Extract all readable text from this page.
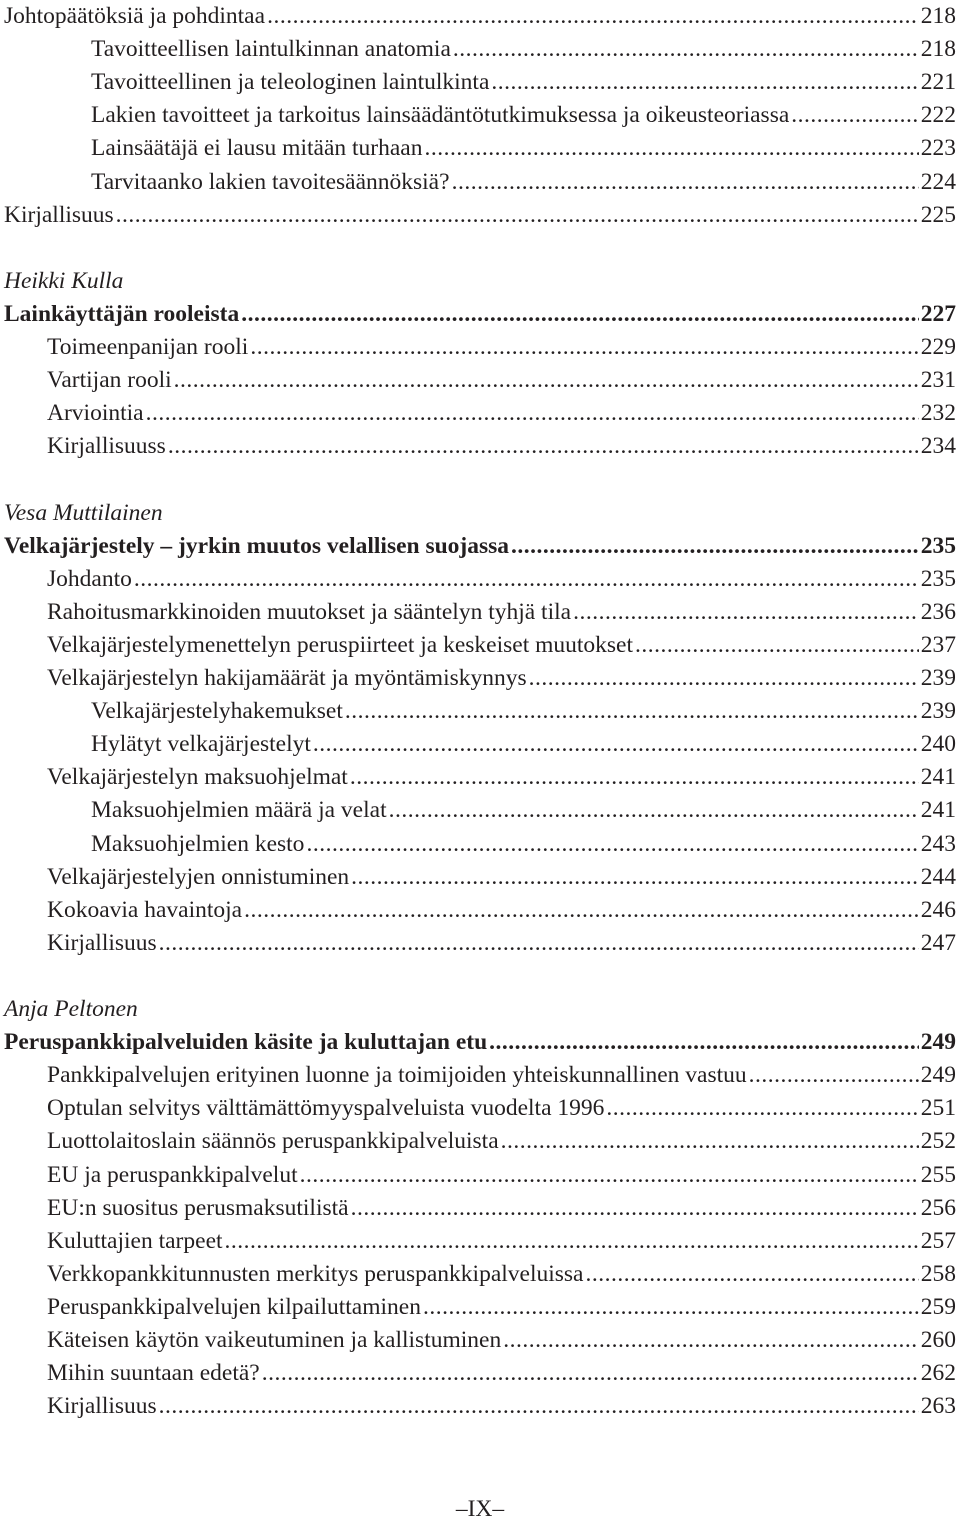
Johtopäätöksiä ja pohdintaa .....	218
Tavoitteellisen laintulkinnan anatomia .....	218
Tavoitteellinen ja teleologinen laintulkinta .....	221
Lakien tavoitteet ja tarkoitus lainsäädäntötutkimuksessa ja oikeusteoriassa .....	222
Lainsäätäjä ei lausu mitään turhaan .....	223
Tarvitaanko lakien tavoitesäännöksiä? .....	224
Kirjallisuus .....	225
Heikki Kulla
Lainkäyttäjän rooleista .....	227
Toimeenpanijan rooli .....	229
Vartijan rooli .....	231
Arviointia .....	232
Kirjallisuuss .....	234
Vesa Muttilainen
Velkajärjestely – jyrkin muutos velallisen suojassa .....	235
Johdanto .....	235
Rahoitusmarkkinoiden muutokset ja sääntelyn tyhjä tila .....	236
Velkajärjestelymenettelyn peruspiirteet ja keskeiset muutokset .....	237
Velkajärjestelyn hakijamäärät ja myöntämiskynnys .....	239
Velkajärjestelyhakemukset .....	239
Hylätyt velkajärjestelyt .....	240
Velkajärjestelyn maksuohjelmat .....	241
Maksuohjelmien määrä ja velat .....	241
Maksuohjelmien kesto .....	243
Velkajärjestelyjen onnistuminen .....	244
Kokoavia havaintoja .....	246
Kirjallisuus .....	247
Anja Peltonen
Peruspankkipalveluiden käsite ja kuluttajan etu .....	249
Pankkipalvelujen erityinen luonne ja toimijoiden yhteiskunnallinen vastuu .....	249
Optulan selvitys välttämättömyyspalveluista vuodelta 1996 .....	251
Luottolaitoslain säännös peruspankkipalveluista .....	252
EU ja peruspankkipalvelut .....	255
EU:n suositus perusmaksutilistä .....	256
Kuluttajien tarpeet .....	257
Verkkopankkitunnusten merkitys peruspankkipalveluissa .....	258
Peruspankkipalvelujen kilpailuttaminen .....	259
Käteisen käytön vaikeutuminen ja kallistuminen .....	260
Mihin suuntaan edetä? .....	262
Kirjallisuus .....	263
–IX–
